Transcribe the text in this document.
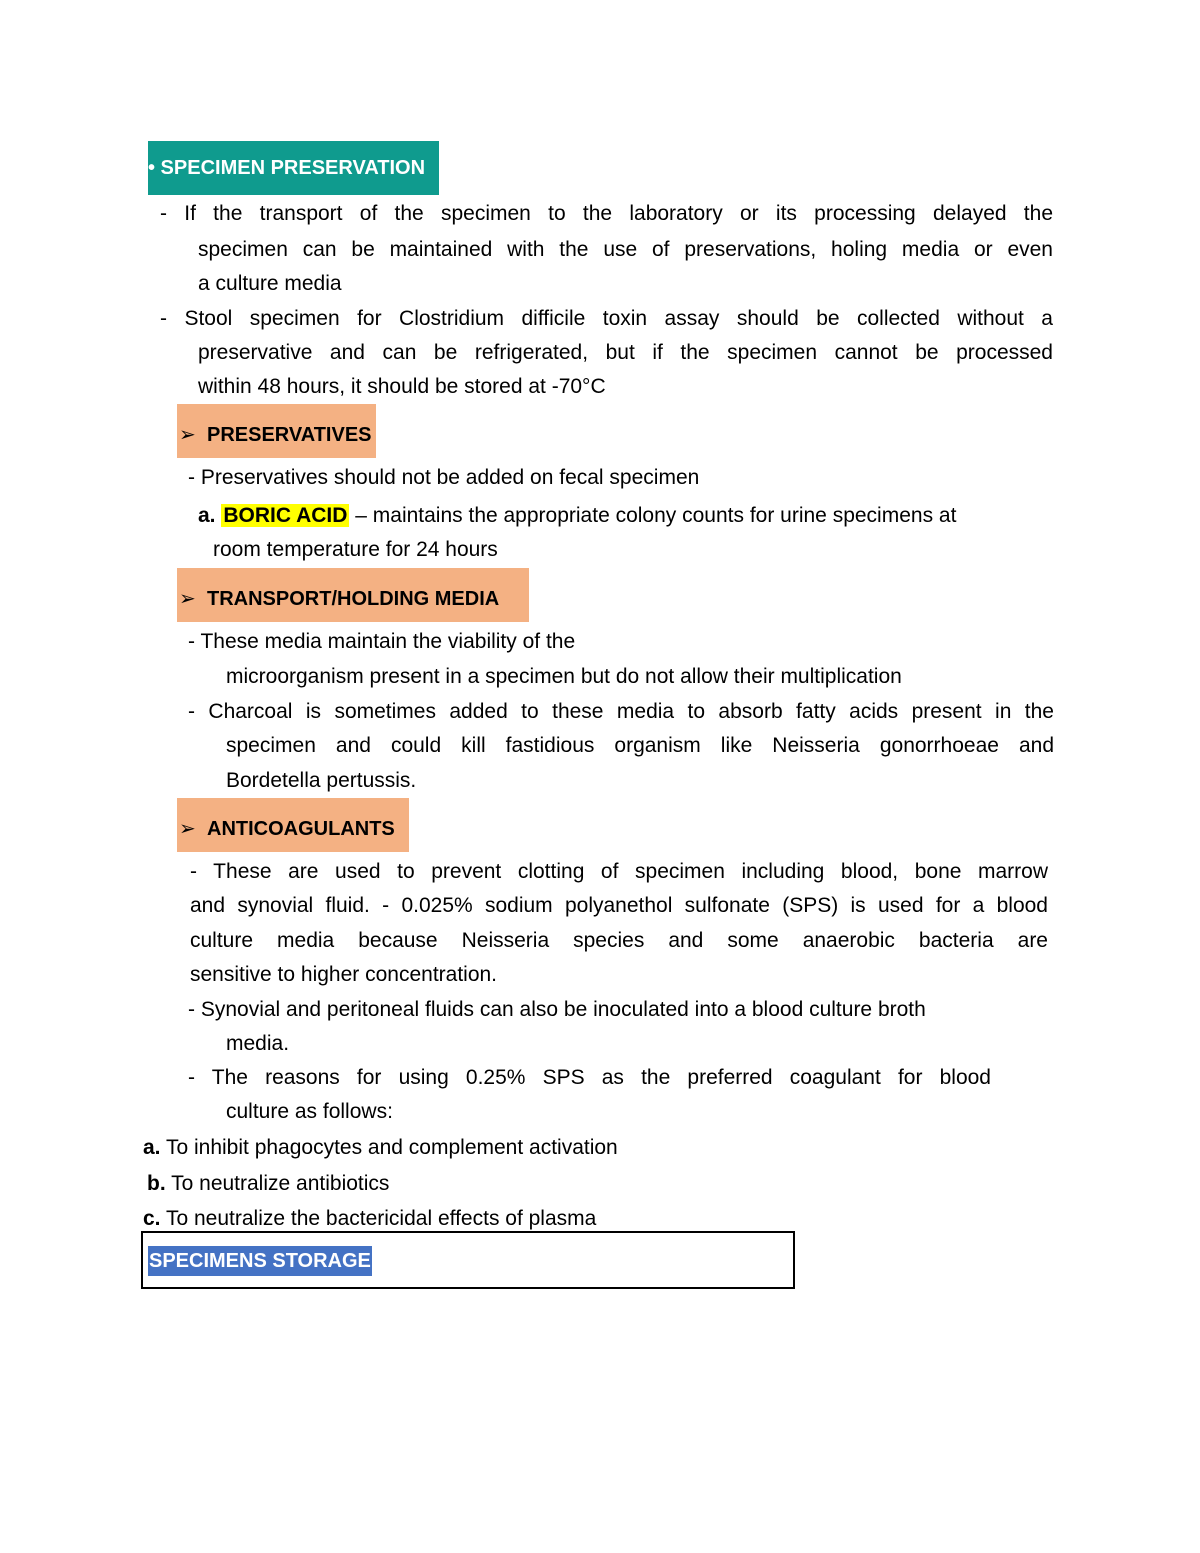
• SPECIMEN PRESERVATION
- If the transport of the specimen to the laboratory or its processing delayed the
specimen can be maintained with the use of preservations, holing media or even
a culture media
- Stool specimen for Clostridium difficile toxin assay should be collected without a
preservative and can be refrigerated, but if the specimen cannot be processed
within 48 hours, it should be stored at -70°C
➢ PRESERVATIVES
- Preservatives should not be added on fecal specimen
a. BORIC ACID – maintains the appropriate colony counts for urine specimens at
room temperature for 24 hours
➢ TRANSPORT/HOLDING MEDIA
- These media maintain the viability of the
microorganism present in a specimen but do not allow their multiplication
- Charcoal is sometimes added to these media to absorb fatty acids present in the
specimen and could kill fastidious organism like Neisseria gonorrhoeae and
Bordetella pertussis.
➢ ANTICOAGULANTS
- These are used to prevent clotting of specimen including blood, bone marrow
and synovial fluid. - 0.025% sodium polyanethol sulfonate (SPS) is used for a blood
culture media because Neisseria species and some anaerobic bacteria are
sensitive to higher concentration.
- Synovial and peritoneal fluids can also be inoculated into a blood culture broth
media.
- The reasons for using 0.25% SPS as the preferred coagulant for blood
culture as follows:
a. To inhibit phagocytes and complement activation
b. To neutralize antibiotics
c. To neutralize the bactericidal effects of plasma
SPECIMENS STORAGE
